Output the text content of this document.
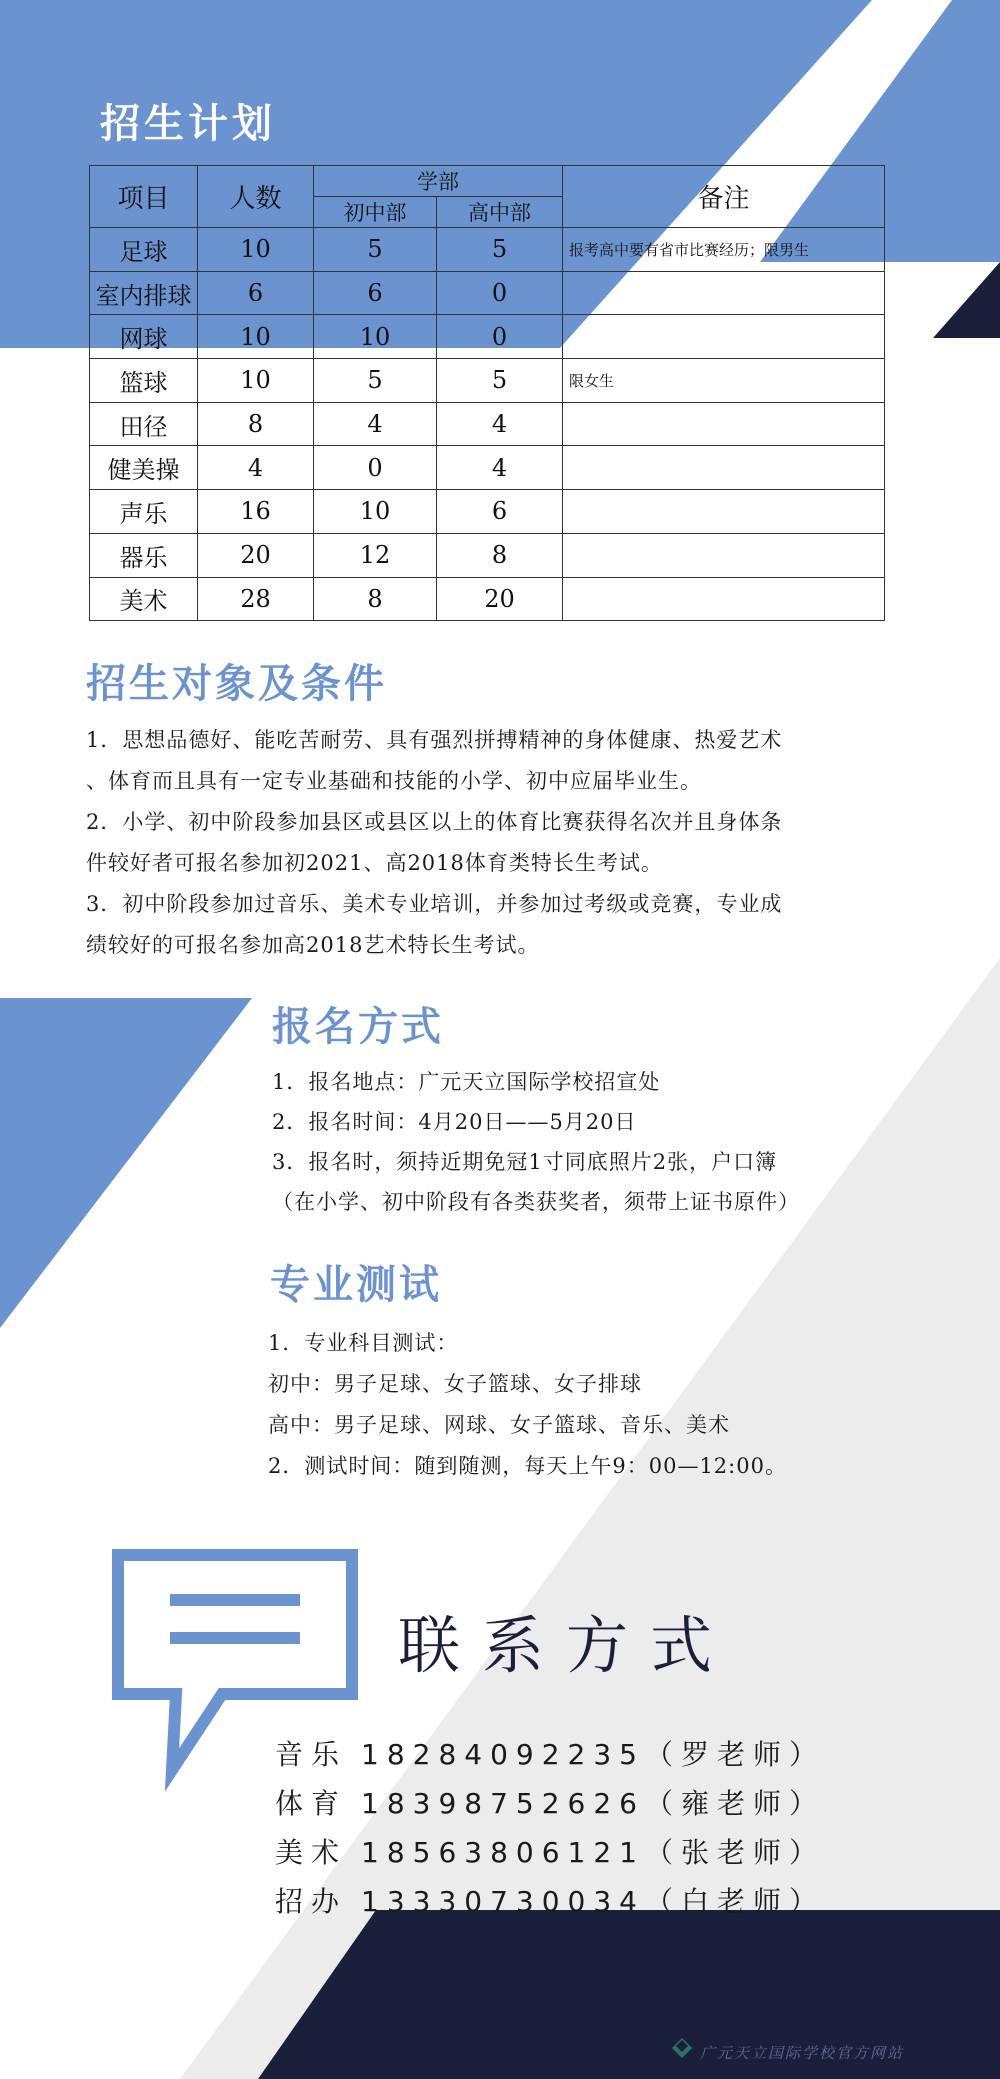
招生计划
项目	人数	学部		备注
		初中部	高中部	
足球	10	5	5	报考高中要有省市比赛经历；限男生
室内排球	6	6	0	
网球	10	10	0	
篮球	10	5	5	限女生
田径	8	4	4	
健美操	4	0	4	
声乐	16	10	6	
器乐	20	12	8	
美术	28	8	20	
招生对象及条件

1．思想品德好、能吃苦耐劳、具有强烈拼搏精神的身体健康、热爱艺术

、体育而且具有一定专业基础和技能的小学、初中应届毕业生。

2．小学、初中阶段参加县区或县区以上的体育比赛获得名次并且身体条

件较好者可报名参加初2021、高2018体育类特长生考试。

3．初中阶段参加过音乐、美术专业培训，并参加过考级或竞赛，专业成

绩较好的可报名参加高2018艺术特长生考试。

报名方式

1．报名地点：广元天立国际学校招宣处

2．报名时间：4月20日——5月20日

3．报名时，须持近期免冠1寸同底照片2张，户口簿

（在小学、初中阶段有各类获奖者，须带上证书原件）

专业测试

1．专业科目测试：

初中：男子足球、女子篮球、女子排球

高中：男子足球、网球、女子篮球、音乐、美术

2．测试时间：随到随测，每天上午9：00—12:00。

联系方式
音乐 18284092235（罗老师）
体育 18398752626（雍老师）
美术 18563806121（张老师）
招办 13330730034（白老师）
广元天立国际学校官方网站
